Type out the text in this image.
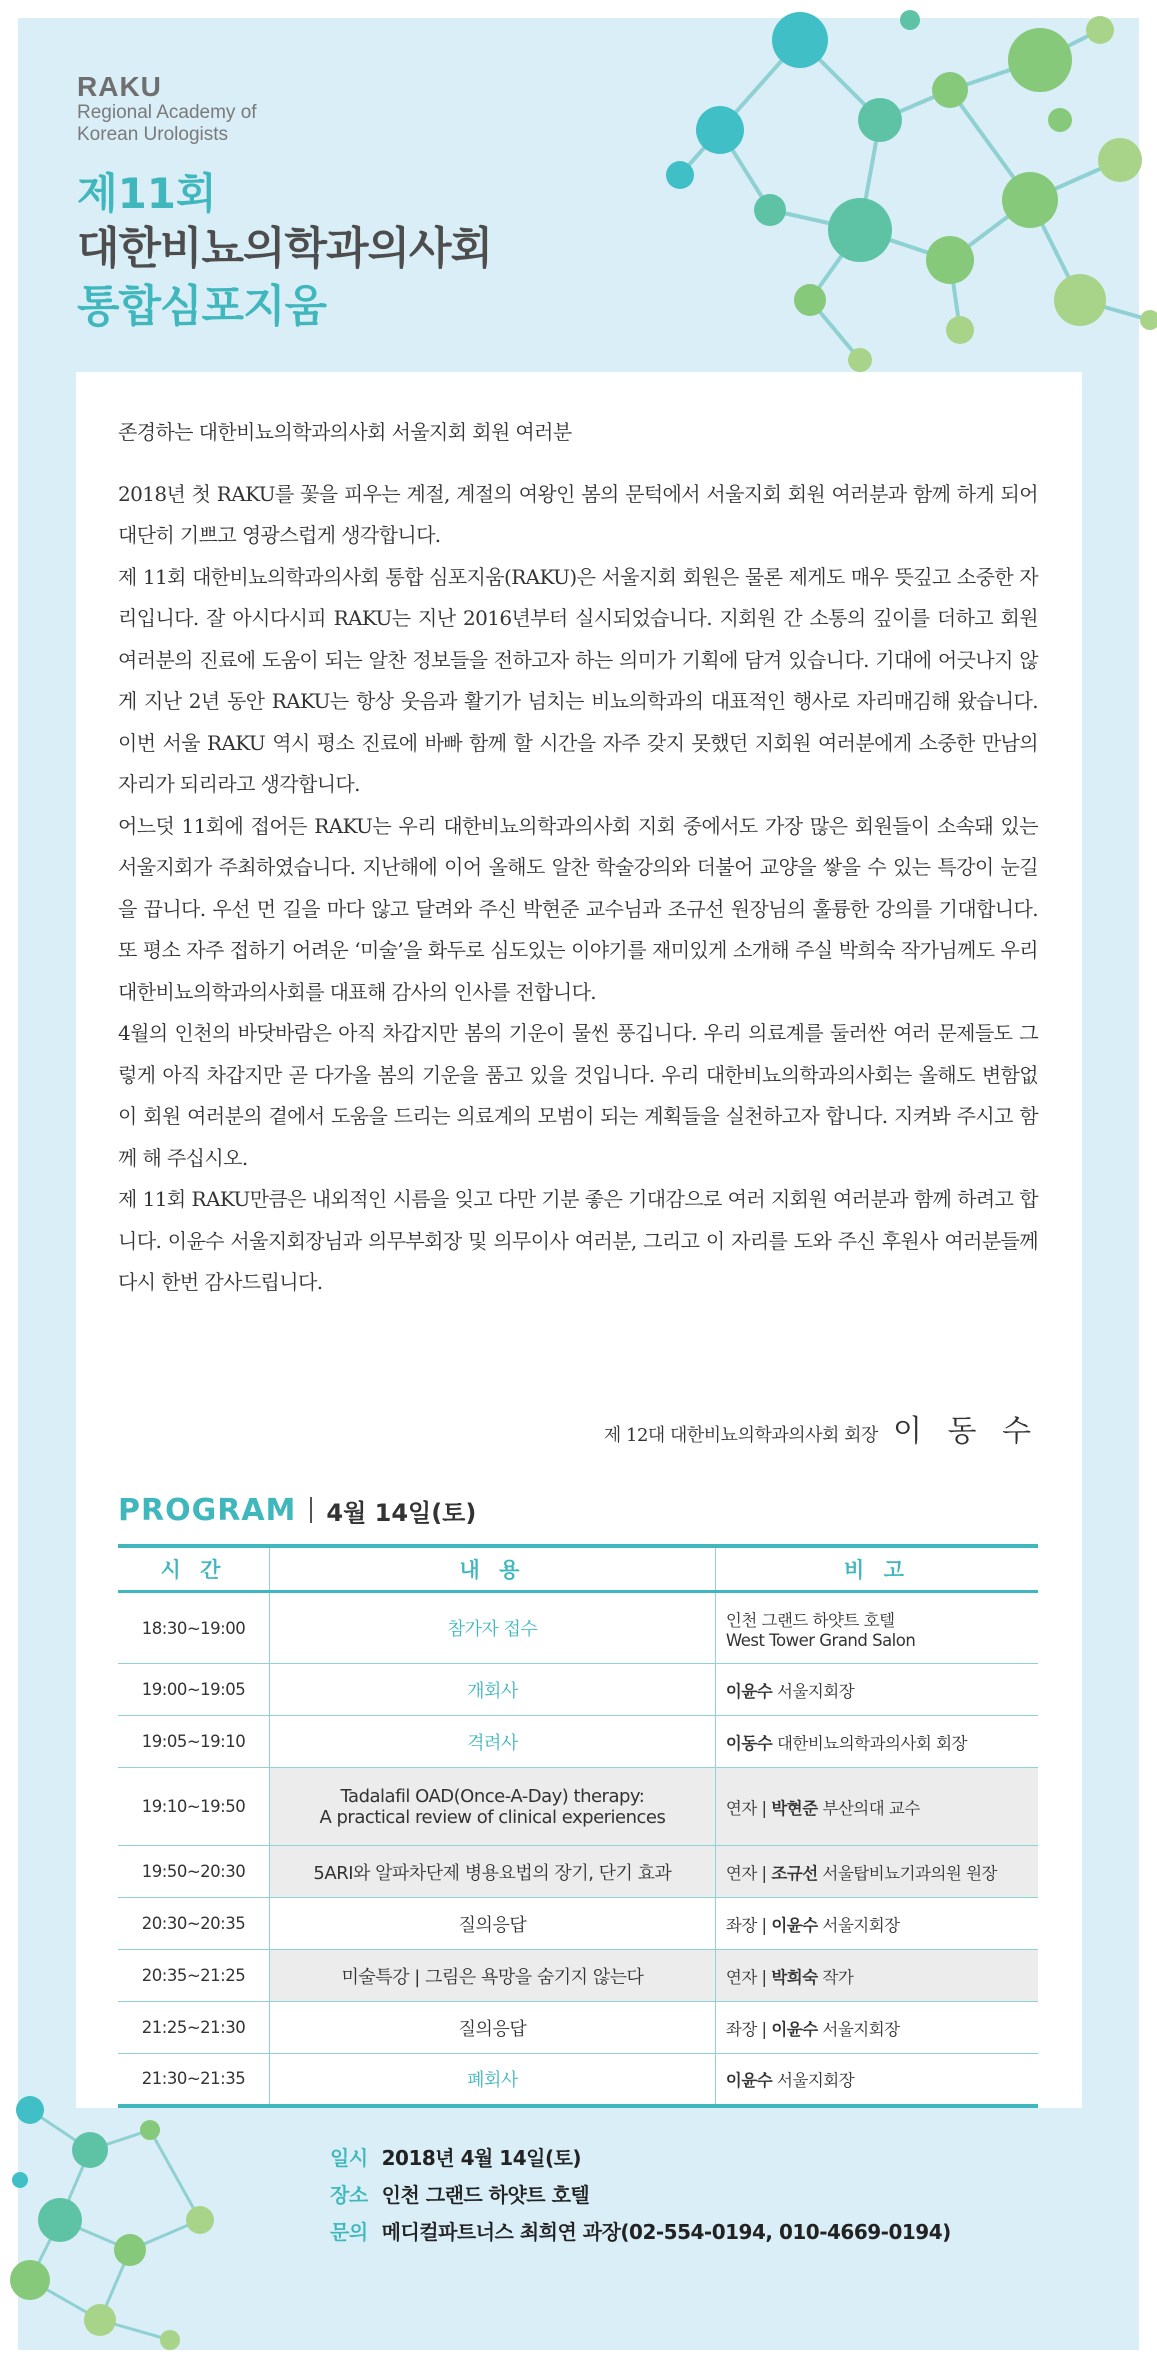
RAKU
Regional Academy of
Korean Urologists
제11회
대한비뇨의학과의사회
통합심포지움

존경하는 대한비뇨의학과의사회 서울지회 회원 여러분

2018년 첫 RAKU를 꽃을 피우는 계절, 계절의 여왕인 봄의 문턱에서 서울지회 회원 여러분과 함께 하게 되어 대단히 기쁘고 영광스럽게 생각합니다.

제 11회 대한비뇨의학과의사회 통합 심포지움(RAKU)은 서울지회 회원은 물론 제게도 매우 뜻깊고 소중한 자리입니다. 잘 아시다시피 RAKU는 지난 2016년부터 실시되었습니다. 지회원 간 소통의 깊이를 더하고 회원 여러분의 진료에 도움이 되는 알찬 정보들을 전하고자 하는 의미가 기획에 담겨 있습니다. 기대에 어긋나지 않게 지난 2년 동안 RAKU는 항상 웃음과 활기가 넘치는 비뇨의학과의 대표적인 행사로 자리매김해 왔습니다. 이번 서울 RAKU 역시 평소 진료에 바빠 함께 할 시간을 자주 갖지 못했던 지회원 여러분에게 소중한 만남의 자리가 되리라고 생각합니다.

어느덧 11회에 접어든 RAKU는 우리 대한비뇨의학과의사회 지회 중에서도 가장 많은 회원들이 소속돼 있는 서울지회가 주최하였습니다. 지난해에 이어 올해도 알찬 학술강의와 더불어 교양을 쌓을 수 있는 특강이 눈길을 끕니다. 우선 먼 길을 마다 않고 달려와 주신 박현준 교수님과 조규선 원장님의 훌륭한 강의를 기대합니다. 또 평소 자주 접하기 어려운 ‘미술’을 화두로 심도있는 이야기를 재미있게 소개해 주실 박희숙 작가님께도 우리 대한비뇨의학과의사회를 대표해 감사의 인사를 전합니다.

4월의 인천의 바닷바람은 아직 차갑지만 봄의 기운이 물씬 풍깁니다. 우리 의료계를 둘러싼 여러 문제들도 그렇게 아직 차갑지만 곧 다가올 봄의 기운을 품고 있을 것입니다. 우리 대한비뇨의학과의사회는 올해도 변함없이 회원 여러분의 곁에서 도움을 드리는 의료계의 모범이 되는 계획들을 실천하고자 합니다. 지켜봐 주시고 함께 해 주십시오.

제 11회 RAKU만큼은 내외적인 시름을 잊고 다만 기분 좋은 기대감으로 여러 지회원 여러분과 함께 하려고 합니다. 이윤수 서울지회장님과 의무부회장 및 의무이사 여러분, 그리고 이 자리를 도와 주신 후원사 여러분들께 다시 한번 감사드립니다.

제 12대 대한비뇨의학과의사회 회장 이 동 수
PROGRAM 4월 14일(토)
시 간	내 용	비 고
18:30~19:00	참가자 접수	인천 그랜드 하얏트 호텔
West Tower Grand Salon

19:00~19:05	개회사	이윤수 서울지회장
19:05~19:10	격려사	이동수 대한비뇨의학과의사회 회장
19:10~19:50	Tadalafil OAD(Once-A-Day) therapy:
A practical review of clinical experiences	연자 | 박현준 부산의대 교수
19:50~20:30	5ARI와 알파차단제 병용요법의 장기, 단기 효과	연자 | 조규선 서울탑비뇨기과의원 원장
20:30~20:35	질의응답	좌장 | 이윤수 서울지회장
20:35~21:25	미술특강 | 그림은 욕망을 숨기지 않는다	연자 | 박희숙 작가
21:25~21:30	질의응답	좌장 | 이윤수 서울지회장
21:30~21:35	폐회사	이윤수 서울지회장
일시 2018년 4월 14일(토)
장소 인천 그랜드 하얏트 호텔
문의 메디컬파트너스 최희연 과장(02-554-0194, 010-4669-0194)
